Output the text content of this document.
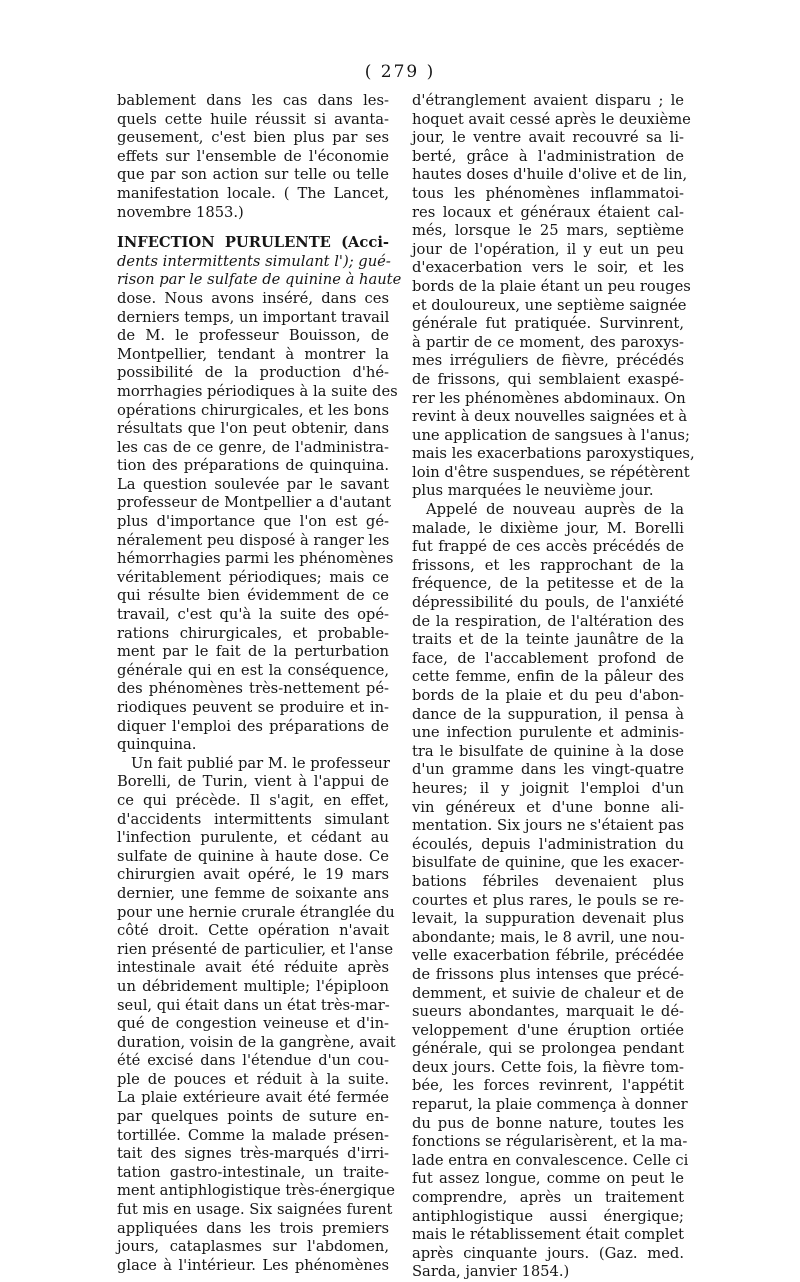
( 279 )
bablement dans les cas dans les-
quels cette huile réussit si avanta-
geusement, c'est bien plus par ses
effets sur l'ensemble de l'économie
que par son action sur telle ou telle
manifestation locale. ( The Lancet,
novembre 1853.)
INFECTION PURULENTE (Acci-
dents intermittents simulant l'); gué-
rison par le sulfate de quinine à haute
dose. Nous avons inséré, dans ces
derniers temps, un important travail
de M. le professeur Bouisson, de
Montpellier, tendant à montrer la
possibilité de la production d'hé-
morrhagies périodiques à la suite des
opérations chirurgicales, et les bons
résultats que l'on peut obtenir, dans
les cas de ce genre, de l'administra-
tion des préparations de quinquina.
La question soulevée par le savant
professeur de Montpellier a d'autant
plus d'importance que l'on est gé-
néralement peu disposé à ranger les
hémorrhagies parmi les phénomènes
véritablement périodiques; mais ce
qui résulte bien évidemment de ce
travail, c'est qu'à la suite des opé-
rations chirurgicales, et probable-
ment par le fait de la perturbation
générale qui en est la conséquence,
des phénomènes très-nettement pé-
riodiques peuvent se produire et in-
diquer l'emploi des préparations de
quinquina.
Un fait publié par M. le professeur
Borelli, de Turin, vient à l'appui de
ce qui précède. Il s'agit, en effet,
d'accidents intermittents simulant
l'infection purulente, et cédant au
sulfate de quinine à haute dose. Ce
chirurgien avait opéré, le 19 mars
dernier, une femme de soixante ans
pour une hernie crurale étranglée du
côté droit. Cette opération n'avait
rien présenté de particulier, et l'anse
intestinale avait été réduite après
un débridement multiple; l'épiploon
seul, qui était dans un état très-mar-
qué de congestion veineuse et d'in-
duration, voisin de la gangrène, avait
été excisé dans l'étendue d'un cou-
ple de pouces et réduit à la suite.
La plaie extérieure avait été fermée
par quelques points de suture en-
tortillée. Comme la malade présen-
tait des signes très-marqués d'irri-
tation gastro-intestinale, un traite-
ment antiphlogistique très-énergique
fut mis en usage. Six saignées furent
appliquées dans les trois premiers
jours, cataplasmes sur l'abdomen,
glace à l'intérieur. Les phénomènes
d'étranglement avaient disparu ; le
hoquet avait cessé après le deuxième
jour, le ventre avait recouvré sa li-
berté, grâce à l'administration de
hautes doses d'huile d'olive et de lin,
tous les phénomènes inflammatoi-
res locaux et généraux étaient cal-
més, lorsque le 25 mars, septième
jour de l'opération, il y eut un peu
d'exacerbation vers le soir, et les
bords de la plaie étant un peu rouges
et douloureux, une septième saignée
générale fut pratiquée. Survinrent,
à partir de ce moment, des paroxys-
mes irréguliers de fièvre, précédés
de frissons, qui semblaient exaspé-
rer les phénomènes abdominaux. On
revint à deux nouvelles saignées et à
une application de sangsues à l'anus;
mais les exacerbations paroxystiques,
loin d'être suspendues, se répétèrent
plus marquées le neuvième jour.
Appelé de nouveau auprès de la
malade, le dixième jour, M. Borelli
fut frappé de ces accès précédés de
frissons, et les rapprochant de la
fréquence, de la petitesse et de la
dépressibilité du pouls, de l'anxiété
de la respiration, de l'altération des
traits et de la teinte jaunâtre de la
face, de l'accablement profond de
cette femme, enfin de la pâleur des
bords de la plaie et du peu d'abon-
dance de la suppuration, il pensa à
une infection purulente et adminis-
tra le bisulfate de quinine à la dose
d'un gramme dans les vingt-quatre
heures; il y joignit l'emploi d'un
vin généreux et d'une bonne ali-
mentation. Six jours ne s'étaient pas
écoulés, depuis l'administration du
bisulfate de quinine, que les exacer-
bations fébriles devenaient plus
courtes et plus rares, le pouls se re-
levait, la suppuration devenait plus
abondante; mais, le 8 avril, une nou-
velle exacerbation fébrile, précédée
de frissons plus intenses que précé-
demment, et suivie de chaleur et de
sueurs abondantes, marquait le dé-
veloppement d'une éruption ortiée
générale, qui se prolongea pendant
deux jours. Cette fois, la fièvre tom-
bée, les forces revinrent, l'appétit
reparut, la plaie commença à donner
du pus de bonne nature, toutes les
fonctions se régularisèrent, et la ma-
lade entra en convalescence. Celle ci
fut assez longue, comme on peut le
comprendre, après un traitement
antiphlogistique aussi énergique;
mais le rétablissement était complet
après cinquante jours. (Gaz. med.
Sarda, janvier 1854.)
